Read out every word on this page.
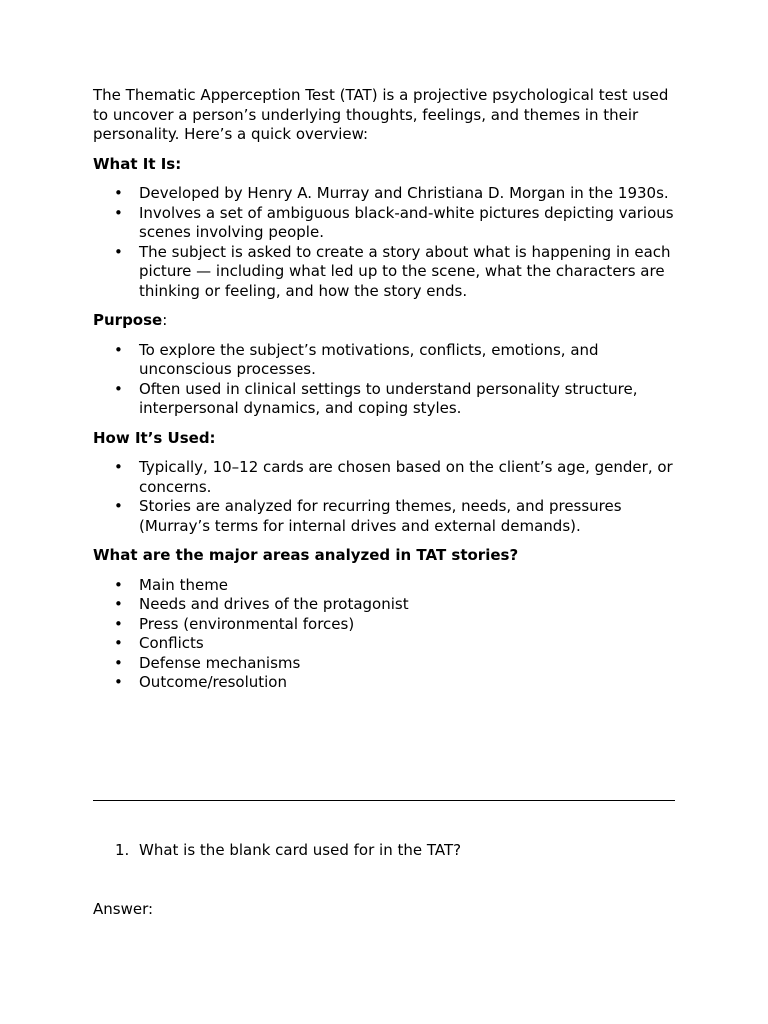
The Thematic Apperception Test (TAT) is a projective psychological test used to uncover a person’s underlying thoughts, feelings, and themes in their personality. Here’s a quick overview:

What It Is:

• Developed by Henry A. Murray and Christiana D. Morgan in the 1930s.
• Involves a set of ambiguous black-and-white pictures depicting various scenes involving people.
• The subject is asked to create a story about what is happening in each picture — including what led up to the scene, what the characters are thinking or feeling, and how the story ends.

Purpose:

• To explore the subject’s motivations, conflicts, emotions, and unconscious processes.
• Often used in clinical settings to understand personality structure, interpersonal dynamics, and coping styles.

How It’s Used:

• Typically, 10–12 cards are chosen based on the client’s age, gender, or concerns.
• Stories are analyzed for recurring themes, needs, and pressures (Murray’s terms for internal drives and external demands).

What are the major areas analyzed in TAT stories?

• Main theme
• Needs and drives of the protagonist
• Press (environmental forces)
• Conflicts
• Defense mechanisms
• Outcome/resolution
1. What is the blank card used for in the TAT?
Answer:
